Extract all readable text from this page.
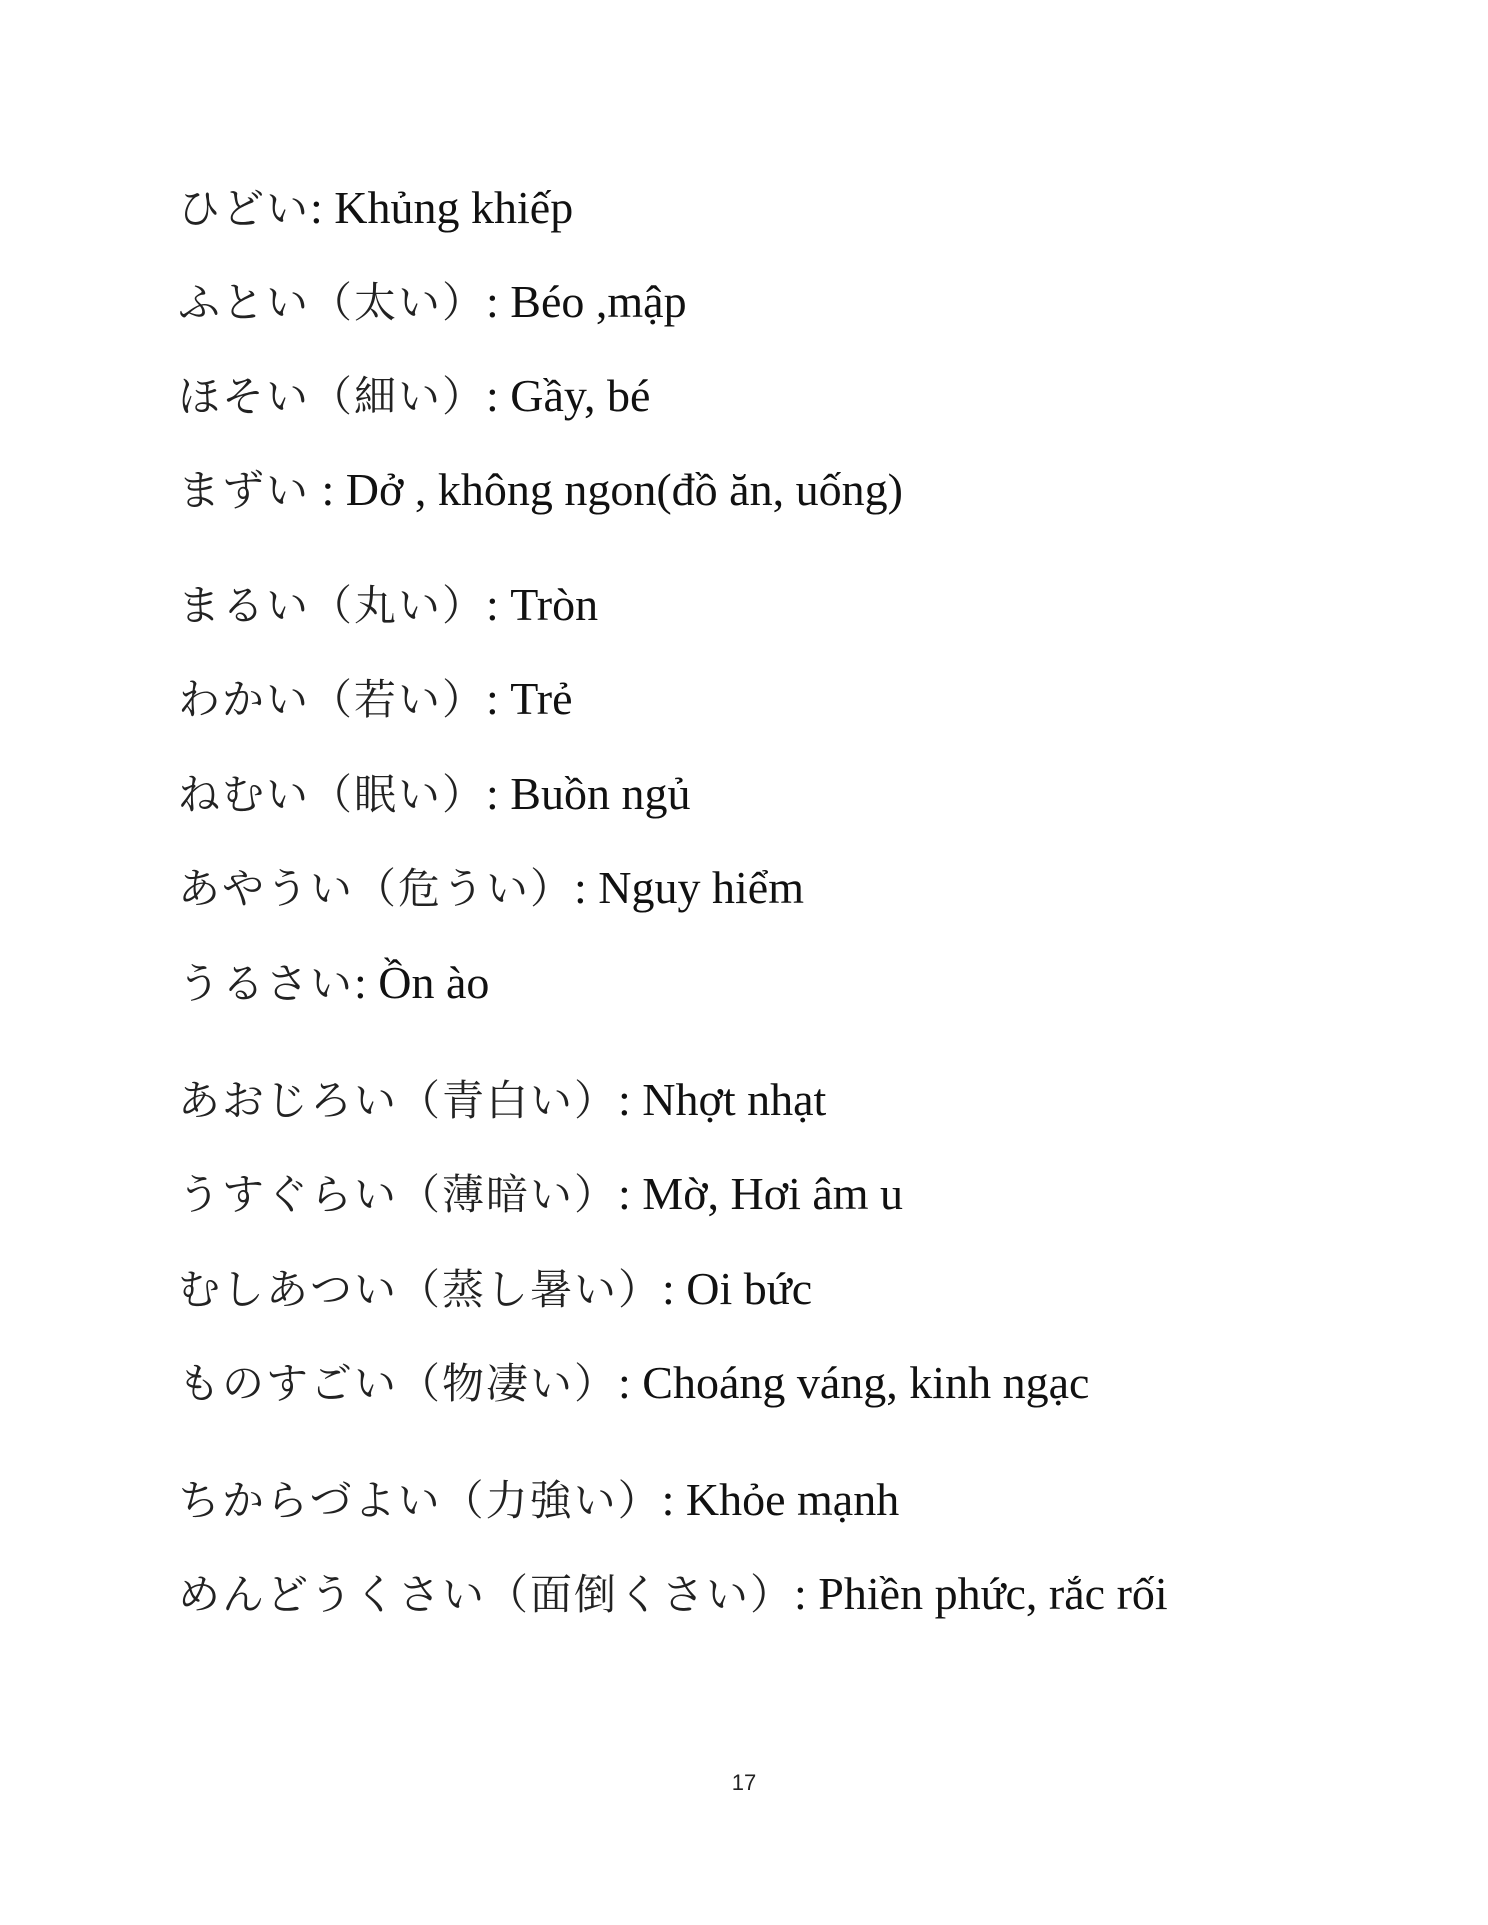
ひどい: Khủng khiếp
ふとい（太い）: Béo ,mập
ほそい（細い）: Gầy, bé
まずい : Dở , không ngon(đồ ăn, uống)
まるい（丸い）: Tròn
わかい（若い）: Trẻ
ねむい（眠い）: Buồn ngủ
あやうい（危うい）: Nguy hiểm
うるさい: Ồn ào
あおじろい（青白い）: Nhợt nhạt
うすぐらい（薄暗い）: Mờ, Hơi âm u
むしあつい（蒸し暑い）: Oi bức
ものすごい（物凄い）: Choáng váng, kinh ngạc
ちからづよい（力強い）: Khỏe mạnh
めんどうくさい（面倒くさい）: Phiền phức, rắc rối
17
